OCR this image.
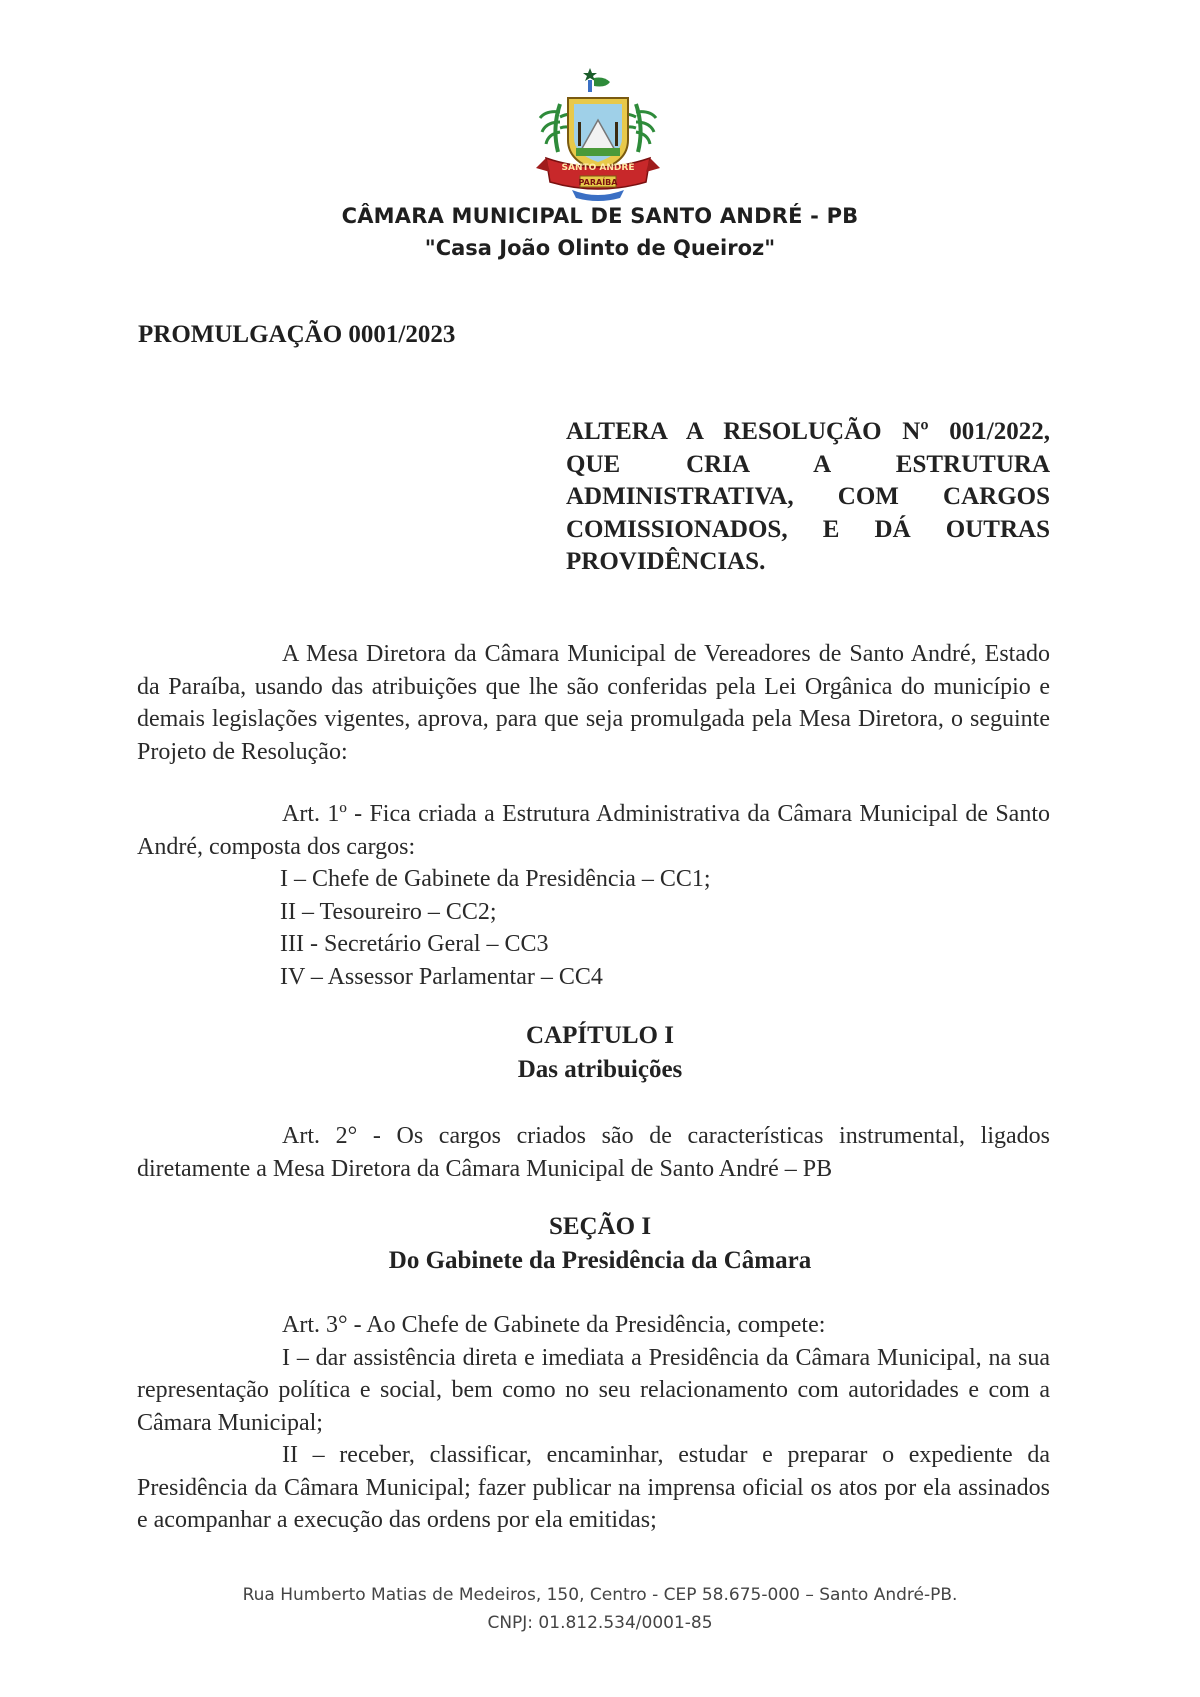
SANTO ANDRÉ
PARAÍBA
CÂMARA MUNICIPAL DE SANTO ANDRÉ - PB
"Casa João Olinto de Queiroz"
PROMULGAÇÃO 0001/2023
ALTERA A RESOLUÇÃO Nº 001/2022,
QUE CRIA A ESTRUTURA
ADMINISTRATIVA, COM CARGOS
COMISSIONADOS, E DÁ OUTRAS
PROVIDÊNCIAS.

A Mesa Diretora da Câmara Municipal de Vereadores de Santo André, Estado da Paraíba, usando das atribuições que lhe são conferidas pela Lei Orgânica do município e demais legislações vigentes, aprova, para que seja promulgada pela Mesa Diretora, o seguinte Projeto de Resolução:

Art. 1º - Fica criada a Estrutura Administrativa da Câmara Municipal de Santo André, composta dos cargos:

I – Chefe de Gabinete da Presidência – CC1;
II – Tesoureiro – CC2;
III - Secretário Geral – CC3
IV – Assessor Parlamentar – CC4
CAPÍTULO I
Das atribuições

Art. 2° - Os cargos criados são de características instrumental, ligados diretamente a Mesa Diretora da Câmara Municipal de Santo André – PB

SEÇÃO I
Do Gabinete da Presidência da Câmara

Art. 3° - Ao Chefe de Gabinete da Presidência, compete:

I – dar assistência direta e imediata a Presidência da Câmara Municipal, na sua representação política e social, bem como no seu relacionamento com autoridades e com a Câmara Municipal;

II – receber, classificar, encaminhar, estudar e preparar o expediente da Presidência da Câmara Municipal; fazer publicar na imprensa oficial os atos por ela assinados e acompanhar a execução das ordens por ela emitidas;

Rua Humberto Matias de Medeiros, 150, Centro - CEP 58.675-000 – Santo André-PB.
CNPJ: 01.812.534/0001-85
